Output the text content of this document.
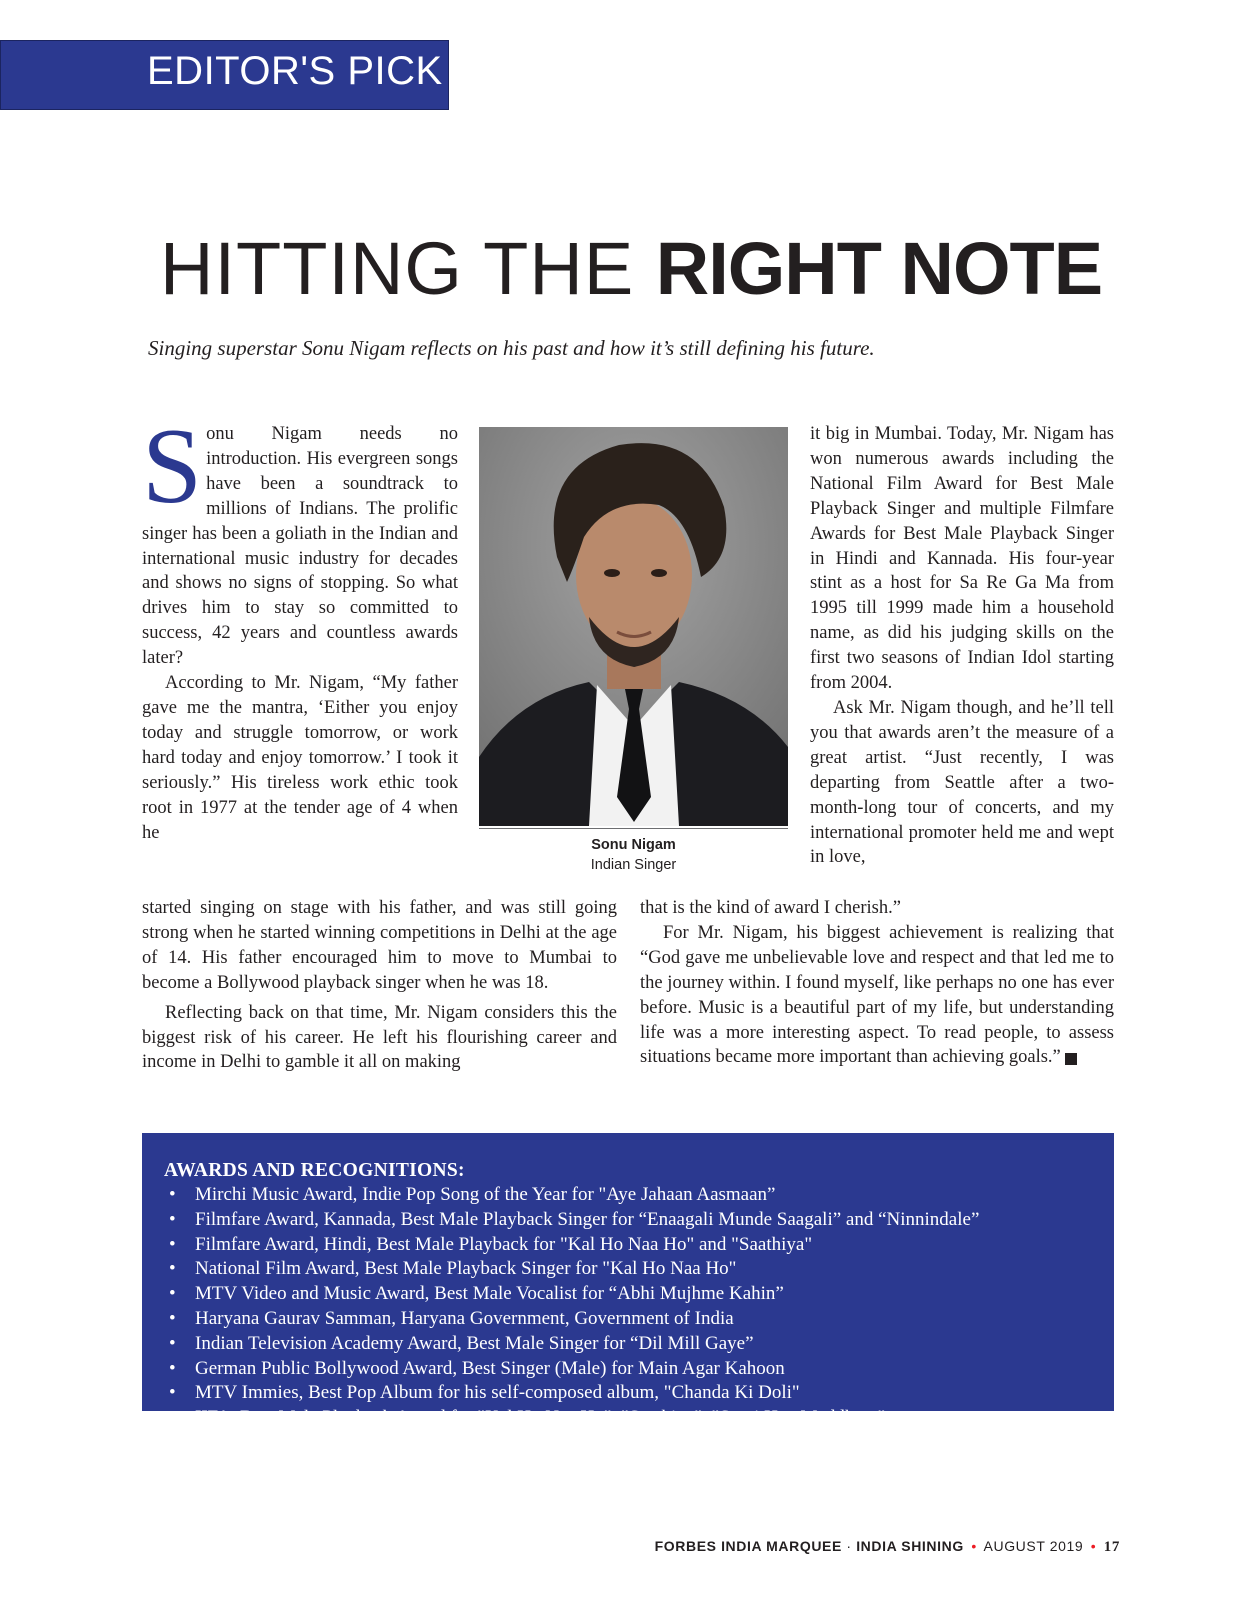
EDITOR'S PICK
HITTING THE RIGHT NOTE
Singing superstar Sonu Nigam reflects on his past and how it’s still defining his future.

Sonu Nigam needs no introduction. His evergreen songs have been a soundtrack to millions of Indians. The prolific singer has been a goliath in the Indian and international music industry for decades and shows no signs of stopping. So what drives him to stay so committed to success, 42 years and countless awards later?

According to Mr. Nigam, “My father gave me the mantra, ‘Either you enjoy today and struggle tomorrow, or work hard today and enjoy tomorrow.’ I took it seriously.” His tireless work ethic took root in 1977 at the tender age of 4 when he

Sonu Nigam
Indian Singer

it big in Mumbai. Today, Mr. Nigam has won numerous awards including the National Film Award for Best Male Playback Singer and multiple Filmfare Awards for Best Male Playback Singer in Hindi and Kannada. His four-year stint as a host for Sa Re Ga Ma from 1995 till 1999 made him a household name, as did his judging skills on the first two seasons of Indian Idol starting from 2004.

Ask Mr. Nigam though, and he’ll tell you that awards aren’t the measure of a great artist. “Just recently, I was departing from Seattle after a two-month-long tour of concerts, and my international promoter held me and wept in love,

started singing on stage with his father, and was still going strong when he started winning competitions in Delhi at the age of 14. His father encouraged him to move to Mumbai to become a Bollywood playback singer when he was 18.

Reflecting back on that time, Mr. Nigam considers this the biggest risk of his career. He left his flourishing career and income in Delhi to gamble it all on making

that is the kind of award I cherish.”

For Mr. Nigam, his biggest achievement is realizing that “God gave me unbelievable love and respect and that led me to the journey within. I found myself, like perhaps no one has ever before. Music is a beautiful part of my life, but understanding life was a more interesting aspect. To read people, to assess situations became more important than achieving goals.”	F

AWARDS AND RECOGNITIONS:
• Mirchi Music Award, Indie Pop Song of the Year for "Aye Jahaan Aasmaan”
• Filmfare Award, Kannada, Best Male Playback Singer for “Enaagali Munde Saagali” and “Ninnindale”
• Filmfare Award, Hindi, Best Male Playback for "Kal Ho Naa Ho" and "Saathiya"
• National Film Award, Best Male Playback Singer for "Kal Ho Naa Ho"
• MTV Video and Music Award, Best Male Vocalist for “Abhi Mujhme Kahin”
• Haryana Gaurav Samman, Haryana Government, Government of India
• Indian Television Academy Award, Best Male Singer for “Dil Mill Gaye”
• German Public Bollywood Award, Best Singer (Male) for Main Agar Kahoon
• MTV Immies, Best Pop Album for his self-composed album, "Chanda Ki Doli"
• IIFA, Best Male Playback Award for "Kal Ho Naa Ho", "Saathiya", "Suraj Hua Maddham"
FORBES INDIA MARQUEE · INDIA SHINING • AUGUST 2019 • 17
